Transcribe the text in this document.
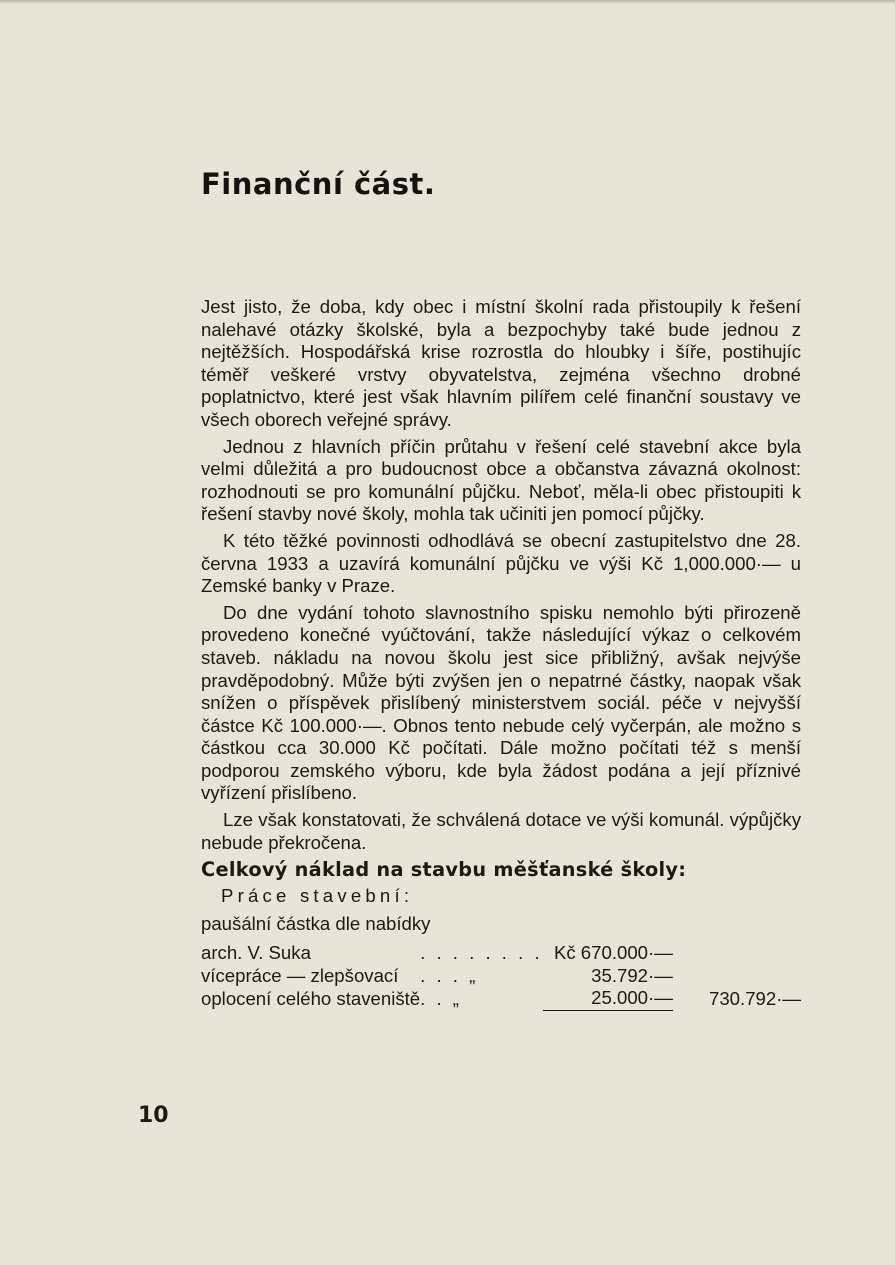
Finanční část.

Jest jisto, že doba, kdy obec i místní školní rada přistoupily k řešení nalehavé otázky školské, byla a bezpochyby také bude jednou z nejtěžších. Hospodářská krise rozrostla do hloubky i šíře, postihujíc téměř veškeré vrstvy obyvatelstva, zejména všechno drobné poplatnictvo, které jest však hlavním pilířem celé finanční soustavy ve všech oborech veřejné správy.

Jednou z hlavních příčin průtahu v řešení celé stavební akce byla velmi důležitá a pro budoucnost obce a občanstva závazná okolnost: rozhodnouti se pro komunální půjčku. Neboť, měla-li obec přistoupiti k řešení stavby nové školy, mohla tak učiniti jen pomocí půjčky.

K této těžké povinnosti odhodlává se obecní zastupitelstvo dne 28. června 1933 a uzavírá komunální půjčku ve výši Kč 1,000.000·— u Zemské banky v Praze.

Do dne vydání tohoto slavnostního spisku nemohlo býti přirozeně provedeno konečné vyúčtování, takže následující výkaz o celkovém staveb. nákladu na novou školu jest sice přibližný, avšak nejvýše pravděpodobný. Může býti zvýšen jen o nepatrné částky, naopak však snížen o příspěvek přislíbený ministerstvem sociál. péče v nejvyšší částce Kč 100.000·—. Obnos tento nebude celý vyčerpán, ale možno s částkou cca 30.000 Kč počítati. Dále možno počítati též s menší podporou zemského výboru, kde byla žádost podána a její příznivé vyřízení přislíbeno.

Lze však konstatovati, že schválená dotace ve výši komunál. výpůjčky nebude překročena.

Celkový náklad na stavbu měšťanské školy:
Práce stavební:
paušální částka dle nabídky
arch. V. Suka	. . . . . . . .	Kč 670.000·—	
vícepráce — zlepšovací	. . . „	35.792·—	
oplocení celého staveniště	. . „	25.000·—	730.792·—
10
